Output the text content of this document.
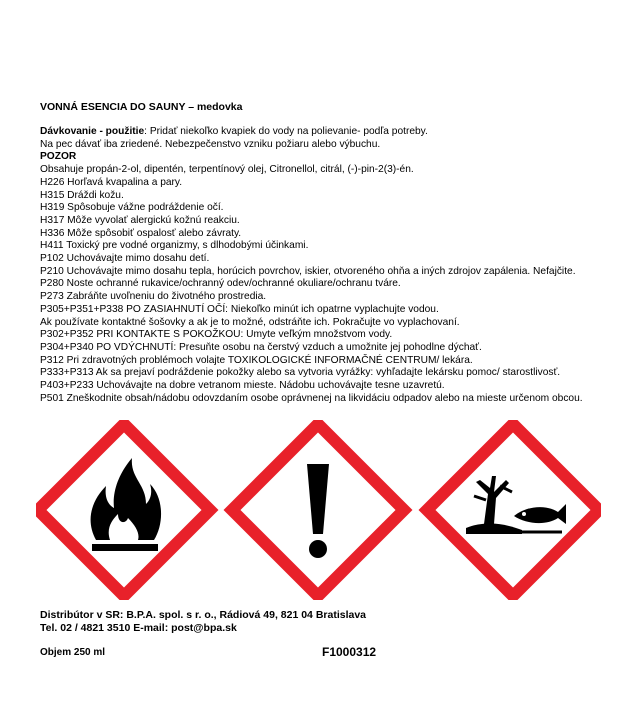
VONNÁ ESENCIA DO SAUNY – medovka

Dávkovanie - použitie: Pridať niekoľko kvapiek do vody na polievanie- podľa potreby.

Na pec dávať iba zriedené. Nebezpečenstvo vzniku požiaru alebo výbuchu.

POZOR

Obsahuje propán-2-ol, dipentén, terpentínový olej, Citronellol, citrál, (-)-pin-2(3)-én.

H226 Horľavá kvapalina a pary.

H315 Dráždi kožu.

H319 Spôsobuje vážne podráždenie očí.

H317 Môže vyvolať alergickú kožnú reakciu.

H336 Môže spôsobiť ospalosť alebo závraty.

H411 Toxický pre vodné organizmy, s dlhodobými účinkami.

P102 Uchovávajte mimo dosahu detí.

P210 Uchovávajte mimo dosahu tepla, horúcich povrchov, iskier, otvoreného ohňa a iných zdrojov zapálenia. Nefajčite.

P280 Noste ochranné rukavice/ochranný odev/ochranné okuliare/ochranu tváre.

P273 Zabráňte uvoľneniu do životného prostredia.

P305+P351+P338 PO ZASIAHNUTÍ OČÍ: Niekoľko minút ich opatrne vyplachujte vodou.

Ak používate kontaktné šošovky a ak je to možné, odstráňte ich. Pokračujte vo vyplachovaní.

P302+P352 PRI KONTAKTE S POKOŽKOU: Umyte veľkým množstvom vody.

P304+P340 PO VDÝCHNUTÍ: Presuňte osobu na čerstvý vzduch a umožnite jej pohodlne dýchať.

P312 Pri zdravotných problémoch volajte TOXIKOLOGICKÉ INFORMAČNÉ CENTRUM/ lekára.

P333+P313 Ak sa prejaví podráždenie pokožky alebo sa vytvoria vyrážky: vyhľadajte lekársku pomoc/ starostlivosť.

P403+P233 Uchovávajte na dobre vetranom mieste. Nádobu uchovávajte tesne uzavretú.

P501 Zneškodnite obsah/nádobu odovzdaním osobe oprávnenej na likvidáciu odpadov alebo na mieste určenom obcou.

Distribútor v SR: B.P.A. spol. s r. o., Rádiová 49, 821 04 Bratislava

Tel. 02 / 4821 3510 E-mail: post@bpa.sk

Objem 250 ml	F1000312
